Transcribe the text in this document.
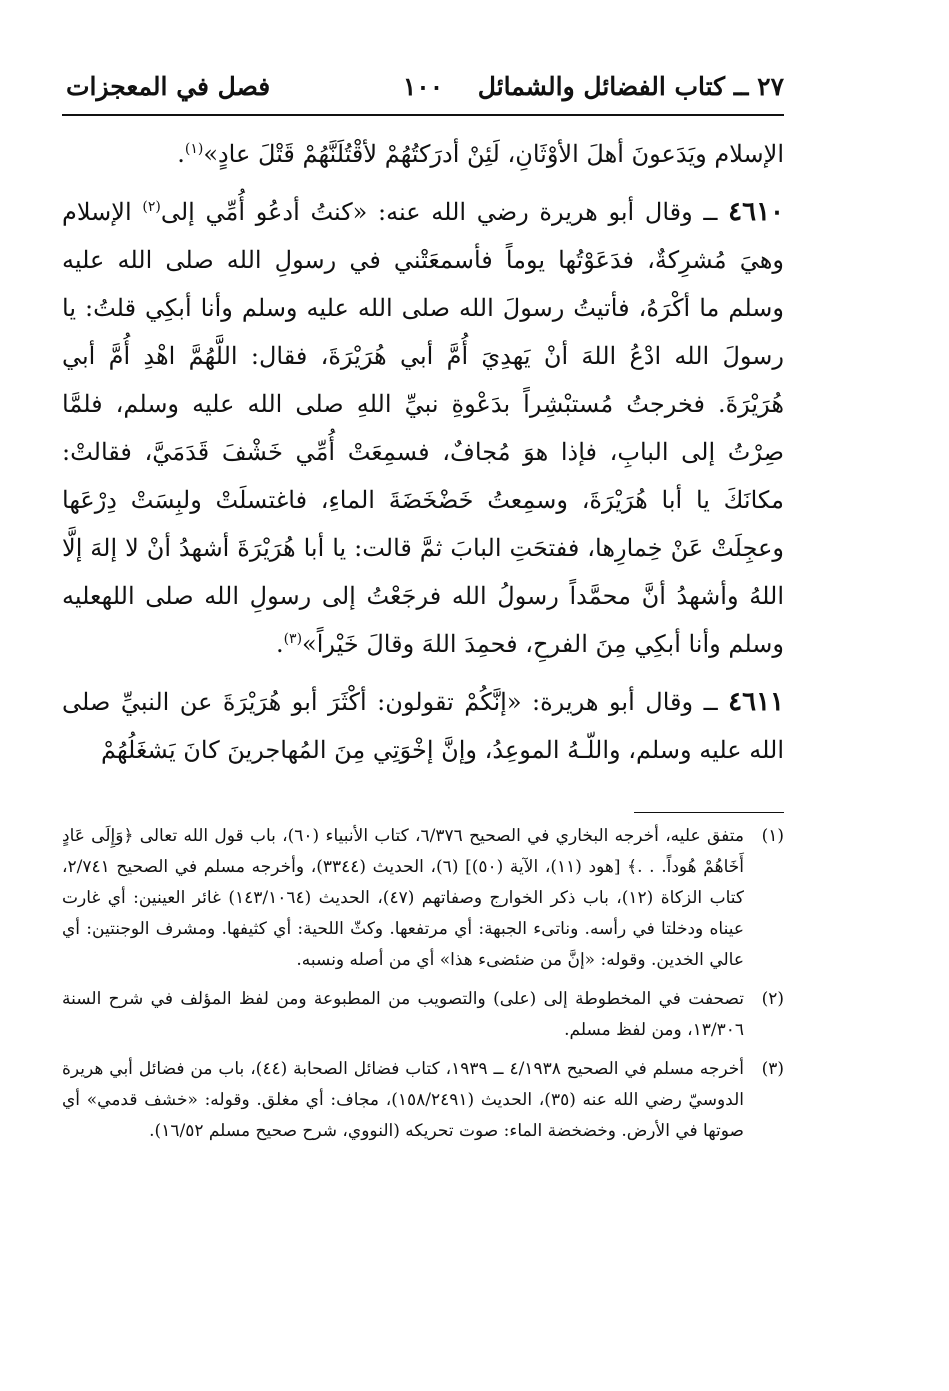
٢٧ ــ كتاب الفضائل والشمائل
١٠٠
فصل في المعجزات

الإسلام ويَدَعونَ أهلَ الأوْثَانِ، لَئِنْ أدرَكتُهُمْ لأقْتُلَنَّهُمْ قَتْلَ عادٍ»$^{(١)}$.

٤٦١٠ ــ وقال أبو هريرة رضي الله عنه: «كنتُ أدعُو أُمِّي إلى$^{(٢)}$ الإسلام وهيَ مُشرِكةٌ، فدَعَوْتُها يوماً فأسمعَتْني في رسولِ الله صلى الله عليه وسلم ما أكْرَهُ، فأتيتُ رسولَ الله صلى الله عليه وسلم وأنا أبكِي قلتُ: يا رسولَ الله ادْعُ اللهَ أنْ يَهدِيَ أُمَّ أبي هُرَيْرَةَ، فقال: اللَّهُمَّ اهْدِ أُمَّ أبي هُرَيْرَةَ. فخرجتُ مُستبْشِراً بدَعْوةِ نبيِّ اللهِ صلى الله عليه وسلم، فلمَّا صِرْتُ إلى البابِ، فإذا هوَ مُجافٌ، فسمِعَتْ أُمِّي خَشْفَ قَدَمَيَّ، فقالتْ: مكانَكَ يا أبا هُرَيْرَةَ، وسمِعتُ خَضْخَضَةَ الماءِ، فاغتسلَتْ ولبِسَتْ دِرْعَها وعجِلَتْ عَنْ خِمارِها، ففتحَتِ البابَ ثمَّ قالت: يا أبا هُرَيْرَةَ أشهدُ أنْ لا إلهَ إلَّا اللهُ وأشهدُ أنَّ محمَّداً رسولُ الله فرجَعْتُ إلى رسولِ الله صلى اللهعليه وسلم وأنا أبكِي مِنَ الفرحِ، فحمِدَ اللهَ وقالَ خَيْراً»$^{(٣)}$.

٤٦١١ ــ وقال أبو هريرة: «إنَّكُمْ تقولون: أكْثَرَ أبو هُرَيْرَةَ عن النبيِّ صلى الله عليه وسلم، واللّـهُ الموعِدُ، وإنَّ إخْوَتِي مِنَ المُهاجرينَ كانَ يَشغَلُهُمْ

(١)
متفق عليه، أخرجه البخاري في الصحيح ٦/٣٧٦، كتاب الأنبياء (٦٠)، باب قول الله تعالى ﴿وَإِلَى عَادٍ أَخَاهُمْ هُوداً. . .﴾ [هود (١١)، الآية (٥٠)] (٦)، الحديث (٣٣٤٤)، وأخرجه مسلم في الصحيح ٢/٧٤١، كتاب الزكاة (١٢)، باب ذكر الخوارج وصفاتهم (٤٧)، الحديث (١٤٣/١٠٦٤) غائر العينين: أي غارت عيناه ودخلتا في رأسه. وناتىء الجبهة: أي مرتفعها. وكثّ اللحية: أي كثيفها. ومشرف الوجنتين: أي عالي الخدين. وقوله: «إنَّ من ضئضىء هذا» أي من أصله ونسبه.
(٢)
تصحفت في المخطوطة إلى (على) والتصويب من المطبوعة ومن لفظ المؤلف في شرح السنة ١٣/٣٠٦، ومن لفظ مسلم.
(٣)
أخرجه مسلم في الصحيح ٤/١٩٣٨ ــ ١٩٣٩، كتاب فضائل الصحابة (٤٤)، باب من فضائل أبي هريرة الدوسيّ رضي الله عنه (٣٥)، الحديث (١٥٨/٢٤٩١)، مجاف: أي مغلق. وقوله: «خشف قدمي» أي صوتها في الأرض. وخضخضة الماء: صوت تحريكه (النووي، شرح صحيح مسلم ١٦/٥٢).
